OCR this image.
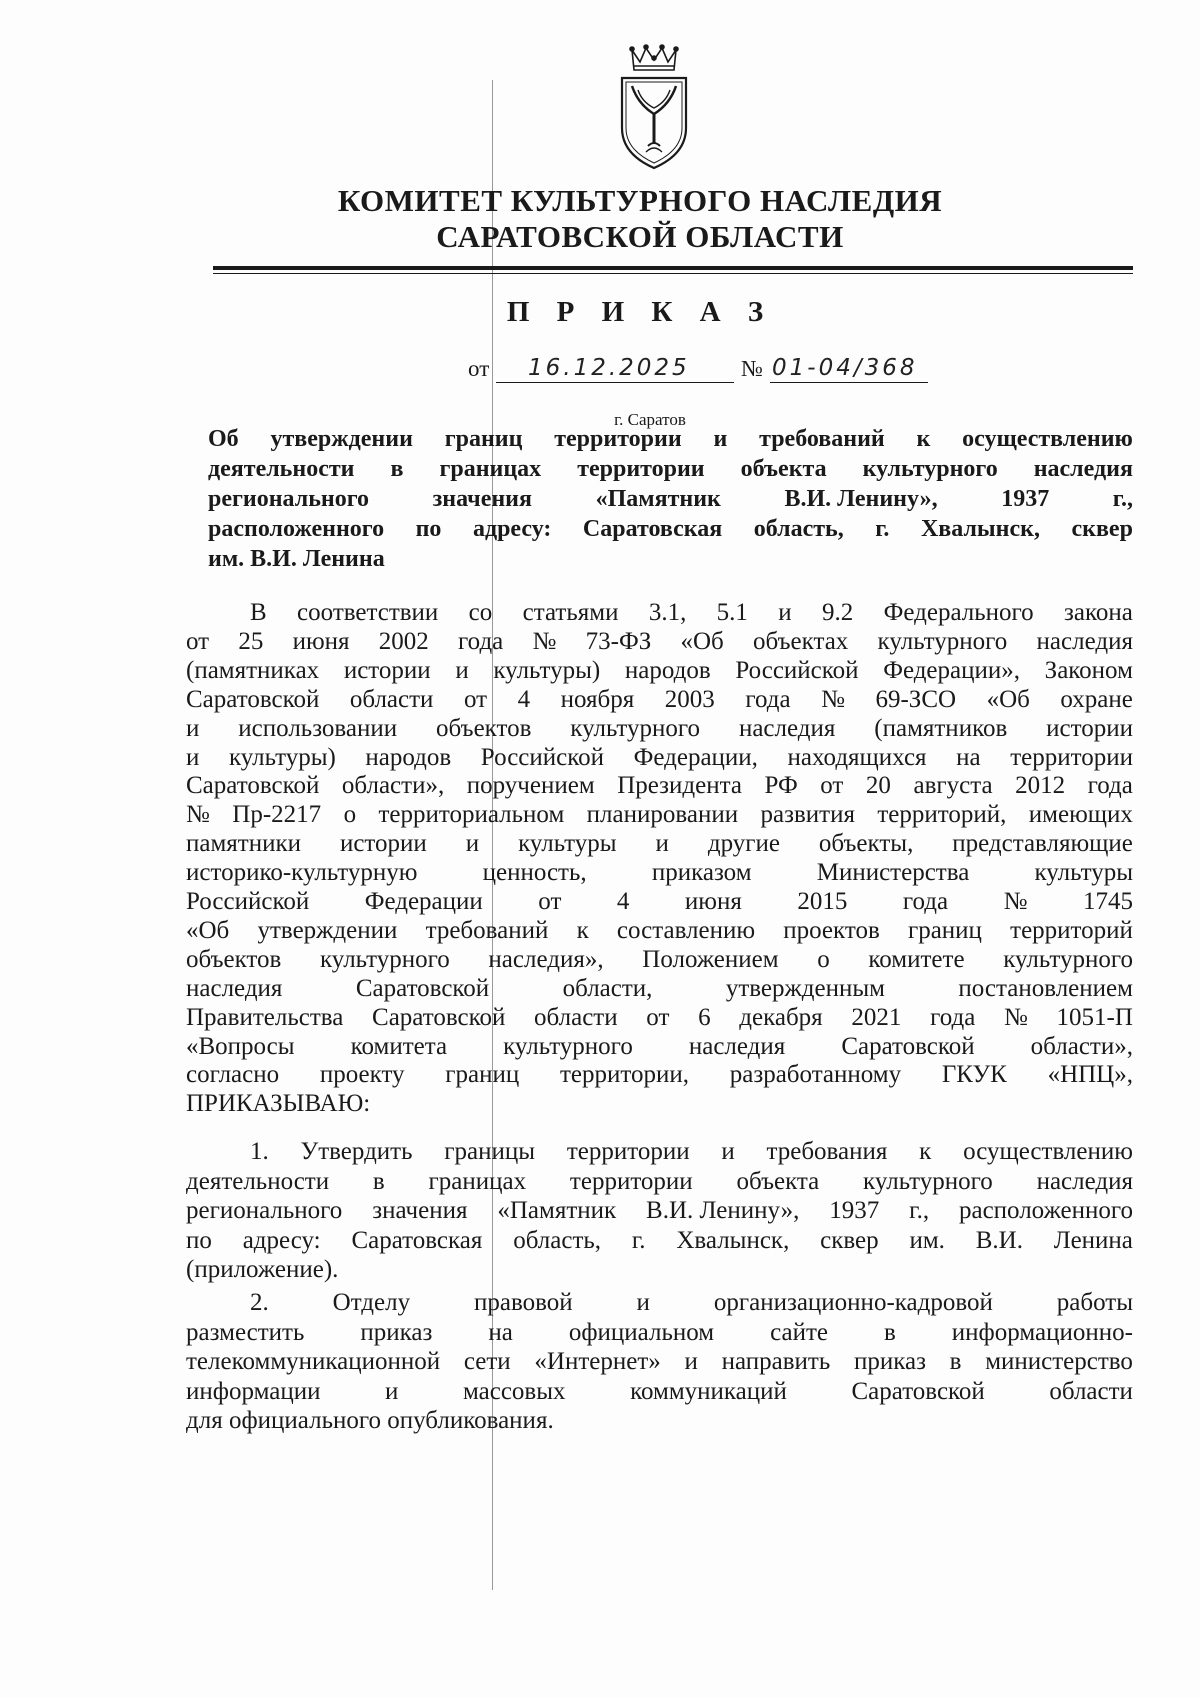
КОМИТЕТ КУЛЬТУРНОГО НАСЛЕДИЯ
САРАТОВСКОЙ ОБЛАСТИ
П Р И К А З
от 16.12.2025 № 01-04/368
г. Саратов
Об утверждении границ территории и требований к осуществлению
деятельности в границах территории объекта культурного наследия
регионального	значения	«Памятник	В.И. Ленину»,	1937	г.,
расположенного по адресу: Саратовская область, г. Хвалынск, сквер
им. В.И. Ленина
В соответствии со статьями 3.1, 5.1 и 9.2 Федерального закона
от 25 июня 2002 года № 73-ФЗ «Об объектах культурного наследия
(памятниках истории и культуры) народов Российской Федерации», Законом
Саратовской области от 4 ноября 2003 года № 69-ЗСО «Об охране
и использовании объектов культурного наследия (памятников истории
и культуры) народов Российской Федерации, находящихся на территории
Саратовской области», поручением Президента РФ от 20 августа 2012 года
№ Пр-2217 о территориальном планировании развития территорий, имеющих
памятники истории и культуры и другие объекты, представляющие
историко-культурную	ценность,	приказом	Министерства	культуры
Российской Федерации от 4 июня 2015 года № 1745
«Об утверждении требований к составлению проектов границ территорий
объектов культурного наследия», Положением о комитете культурного
наследия	Саратовской	области,	утвержденным	постановлением
Правительства Саратовской области от 6 декабря 2021 года № 1051-П
«Вопросы комитета культурного наследия Саратовской области»,
согласно проекту границ территории, разработанному ГКУК «НПЦ»,
ПРИКАЗЫВАЮ:
1. Утвердить границы территории и требования к осуществлению
деятельности в границах территории объекта культурного наследия
регионального значения «Памятник В.И. Ленину», 1937 г., расположенного
по адресу: Саратовская область, г. Хвалынск, сквер им. В.И. Ленина
(приложение).
2.	Отделу	правовой	и	организационно-кадровой	работы
разместить приказ на официальном сайте в информационно-
телекоммуникационной сети «Интернет» и направить приказ в министерство
информации	и	массовых	коммуникаций	Саратовской	области
для официального опубликования.
